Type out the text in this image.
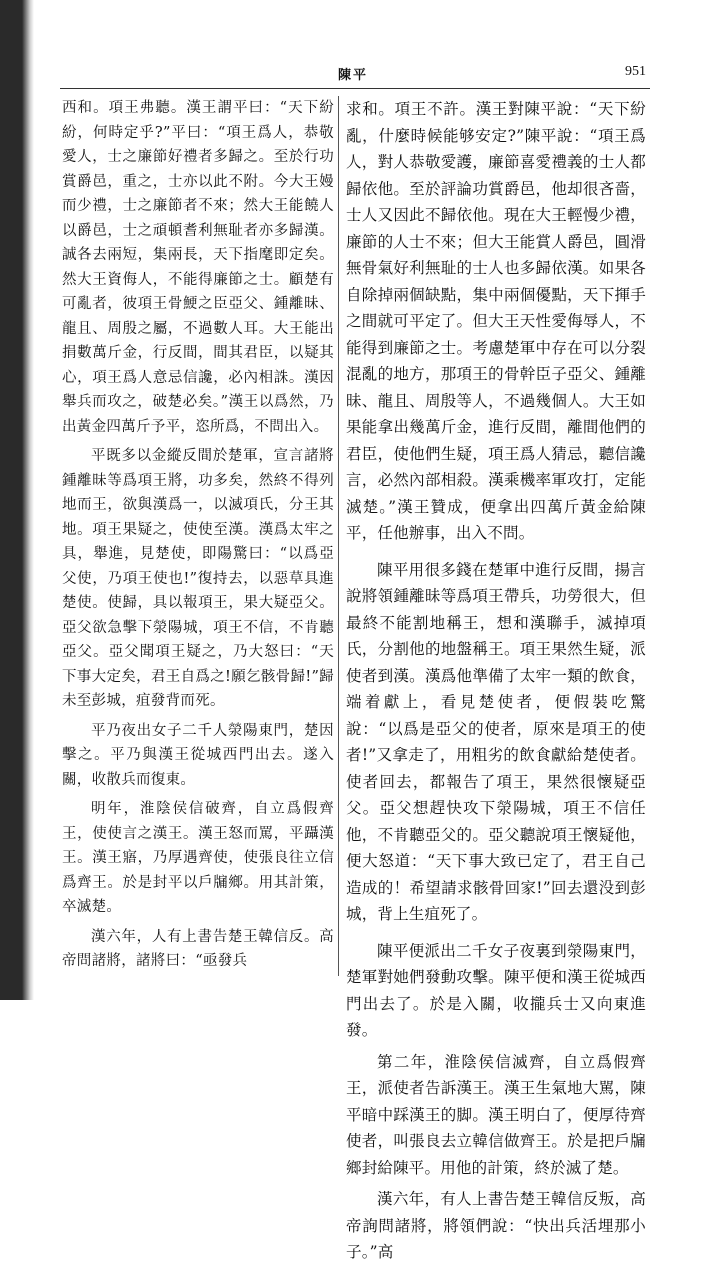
陳平	951

西和。項王弗聽。漢王謂平曰：“天下紛紛，何時定乎?”平曰：“項王爲人，恭敬愛人，士之廉節好禮者多歸之。至於行功賞爵邑，重之，士亦以此不附。今大王嫚而少禮，士之廉節者不來；然大王能饒人以爵邑，士之頑頓耆利無耻者亦多歸漢。誠各去兩短，集兩長，天下指麾即定矣。然大王資侮人，不能得廉節之士。顧楚有可亂者，彼項王骨鯁之臣亞父、鍾離昧、龍且、周殷之屬，不過數人耳。大王能出捐數萬斤金，行反間，間其君臣，以疑其心，項王爲人意忌信讒，必內相誅。漢因舉兵而攻之，破楚必矣。”漢王以爲然，乃出黃金四萬斤予平，恣所爲，不問出入。

平既多以金縱反間於楚軍，宣言諸將鍾離昧等爲項王將，功多矣，然終不得列地而王，欲與漢爲一，以滅項氏，分王其地。項王果疑之，使使至漢。漢爲太牢之具，舉進，見楚使，即陽驚曰：“以爲亞父使，乃項王使也!”復持去，以惡草具進楚使。使歸，具以報項王，果大疑亞父。亞父欲急擊下滎陽城，項王不信，不肯聽亞父。亞父聞項王疑之，乃大怒曰：“天下事大定矣，君王自爲之!願乞骸骨歸!”歸未至彭城，疽發背而死。

平乃夜出女子二千人滎陽東門，楚因擊之。平乃與漢王從城西門出去。遂入關，收散兵而復東。

明年，淮陰侯信破齊，自立爲假齊王，使使言之漢王。漢王怒而罵，平躡漢王。漢王寤，乃厚遇齊使，使張良往立信爲齊王。於是封平以戶牖鄉。用其計策，卒滅楚。

漢六年，人有上書告楚王韓信反。高帝問諸將，諸將曰：“亟發兵

求和。項王不許。漢王對陳平說：“天下紛亂，什麼時候能够安定?”陳平說：“項王爲人，對人恭敬愛護，廉節喜愛禮義的士人都歸依他。至於評論功賞爵邑，他却很吝嗇，士人又因此不歸依他。現在大王輕慢少禮，廉節的人士不來；但大王能賞人爵邑，圓滑無骨氣好利無耻的士人也多歸依漢。如果各自除掉兩個缺點，集中兩個優點，天下揮手之間就可平定了。但大王天性愛侮辱人，不能得到廉節之士。考慮楚軍中存在可以分裂混亂的地方，那項王的骨幹臣子亞父、鍾離昧、龍且、周殷等人，不過幾個人。大王如果能拿出幾萬斤金，進行反間，離間他們的君臣，使他們生疑，項王爲人猜忌，聽信讒言，必然內部相殺。漢乘機率軍攻打，定能滅楚。”漢王贊成，便拿出四萬斤黃金給陳平，任他辦事，出入不問。

陳平用很多錢在楚軍中進行反間，揚言說將領鍾離昧等爲項王帶兵，功勞很大，但最終不能割地稱王，想和漢聯手，滅掉項氏，分割他的地盤稱王。項王果然生疑，派使者到漢。漢爲他準備了太牢一類的飲食，端着獻上，看見楚使者，便假裝吃驚說：“以爲是亞父的使者，原來是項王的使者!”又拿走了，用粗劣的飲食獻給楚使者。使者回去，都報告了項王，果然很懷疑亞父。亞父想趕快攻下滎陽城，項王不信任他，不肯聽亞父的。亞父聽說項王懷疑他，便大怒道：“天下事大致已定了，君王自己造成的！希望請求骸骨回家!”回去還没到彭城，背上生疽死了。

陳平便派出二千女子夜裏到滎陽東門，楚軍對她們發動攻擊。陳平便和漢王從城西門出去了。於是入關，收攏兵士又向東進發。

第二年，淮陰侯信滅齊，自立爲假齊王，派使者告訴漢王。漢王生氣地大駡，陳平暗中踩漢王的脚。漢王明白了，便厚待齊使者，叫張良去立韓信做齊王。於是把戶牖鄉封給陳平。用他的計策，終於滅了楚。

漢六年，有人上書告楚王韓信反叛，高帝詢問諸將，將領們說：“快出兵活埋那小子。”高
